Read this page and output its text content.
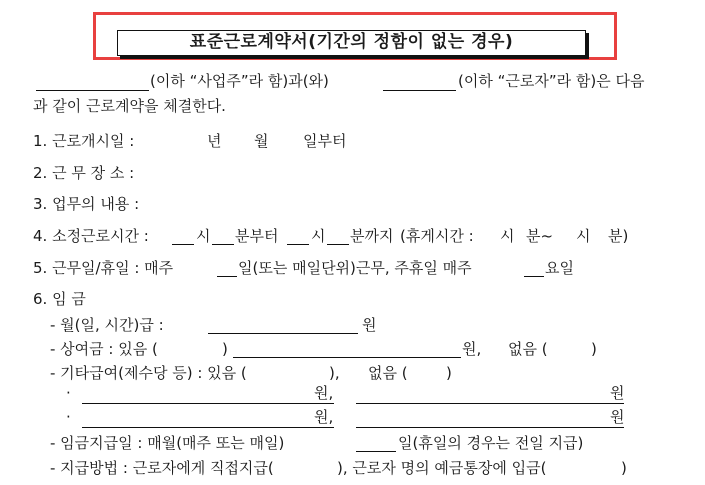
표준근로계약서(기간의 정함이 없는 경우)
(이하 “사업주”라 함)과(와)	(이하 “근로자”라 함)은 다음
과 같이 근로계약을 체결한다.
1. 근로개시일 :	년 월 일부터
2. 근 무 장 소 :
3. 업무의 내용 :
4. 소정근로시간 :	시 분부터 시 분까지 (휴게시간 : 시 분~ 시 분)
5. 근무일/휴일 : 매주	일(또는 매일단위)근무, 주휴일 매주	요일
6. 임 금
- 월(일, 시간)급 :	원
- 상여금 : 있음 (	)	원, 없음 (	)
- 기타급여(제수당 등) : 있음 (	), 없음 (	)
·	원,	원
·	원,	원
- 임금지급일 : 매월(매주 또는 매일)	일(휴일의 경우는 전일 지급)
- 지급방법 : 근로자에게 직접지급(	), 근로자 명의 예금통장에 입금(	)
